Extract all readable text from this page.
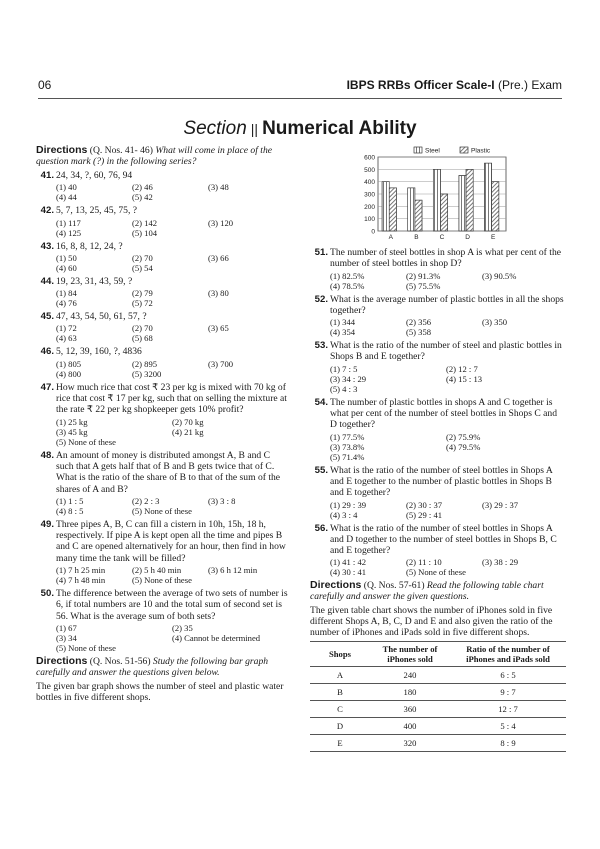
06	IBPS RRBs Officer Scale-I (Pre.) Exam
Section || Numerical Ability
Directions (Q. Nos. 41- 46) What will come in place of the question mark (?) in the following series?
41. 24, 34, ?, 60, 76, 94
(1) 40	(2) 46	(3) 48
(4) 44	(5) 42
42. 5, 7, 13, 25, 45, 75, ?
(1) 117	(2) 142	(3) 120
(4) 125	(5) 104
43. 16, 8, 8, 12, 24, ?
(1) 50	(2) 70	(3) 66
(4) 60	(5) 54
44. 19, 23, 31, 43, 59, ?
(1) 84	(2) 79	(3) 80
(4) 76	(5) 72
45. 47, 43, 54, 50, 61, 57, ?
(1) 72	(2) 70	(3) 65
(4) 63	(5) 68
46. 5, 12, 39, 160, ?, 4836
(1) 805	(2) 895	(3) 700
(4) 800	(5) 3200
47. How much rice that cost ₹ 23 per kg is mixed with 70 kg of rice that cost ₹ 17 per kg, such that on selling the mixture at the rate ₹ 22 per kg shopkeeper gets 10% profit?
(1) 25 kg	(2) 70 kg
(3) 45 kg	(4) 21 kg
(5) None of these
48. An amount of money is distributed amongst A, B and C such that A gets half that of B and B gets twice that of C. What is the ratio of the share of B to that of the sum of the shares of A and B?
(1) 1 : 5	(2) 2 : 3	(3) 3 : 8
(4) 8 : 5	(5) None of these
49. Three pipes A, B, C can fill a cistern in 10h, 15h, 18 h, respectively. If pipe A is kept open all the time and pipes B and C are opened alternatively for an hour, then find in how many time the tank will be filled?
(1) 7 h 25 min	(2) 5 h 40 min	(3) 6 h 12 min
(4) 7 h 48 min	(5) None of these
50. The difference between the average of two sets of number is 6, if total numbers are 10 and the total sum of second set is 56. What is the average sum of both sets?
(1) 67	(2) 35
(3) 34	(4) Cannot be determined
(5) None of these
Directions (Q. Nos. 51-56) Study the following bar graph carefully and answer the questions given below.
The given bar graph shows the number of steel and plastic water bottles in five different shops.
0
100
200
300
400
500
600
A	B	C	D	E
Steel	Plastic
51. The number of steel bottles in shop A is what per cent of the number of steel bottles in shop D?
(1) 82.5%	(2) 91.3%	(3) 90.5%
(4) 78.5%	(5) 75.5%
52. What is the average number of plastic bottles in all the shops together?
(1) 344	(2) 356	(3) 350
(4) 354	(5) 358
53. What is the ratio of the number of steel and plastic bottles in Shops B and E together?
(1) 7 : 5	(2) 12 : 7
(3) 34 : 29	(4) 15 : 13
(5) 4 : 3
54. The number of plastic bottles in shops A and C together is what per cent of the number of steel bottles in Shops C and D together?
(1) 77.5%	(2) 75.9%
(3) 73.8%	(4) 79.5%
(5) 71.4%
55. What is the ratio of the number of steel bottles in Shops A and E together to the number of plastic bottles in Shops B and E together?
(1) 29 : 39	(2) 30 : 37	(3) 29 : 37
(4) 3 : 4	(5) 29 : 41
56. What is the ratio of the number of steel bottles in Shops A and D together to the number of steel bottles in Shops B, C and E together?
(1) 41 : 42	(2) 11 : 10	(3) 38 : 29
(4) 30 : 41	(5) None of these
Directions (Q. Nos. 57-61) Read the following table chart carefully and answer the given questions.
The given table chart shows the number of iPhones sold in five different Shops A, B, C, D and E and also given the ratio of the number of iPhones and iPads sold in five different shops.
Shops	The number of iPhones sold	Ratio of the number of iPhones and iPads sold
A	240	6 : 5
B	180	9 : 7
C	360	12 : 7
D	400	5 : 4
E	320	8 : 9
